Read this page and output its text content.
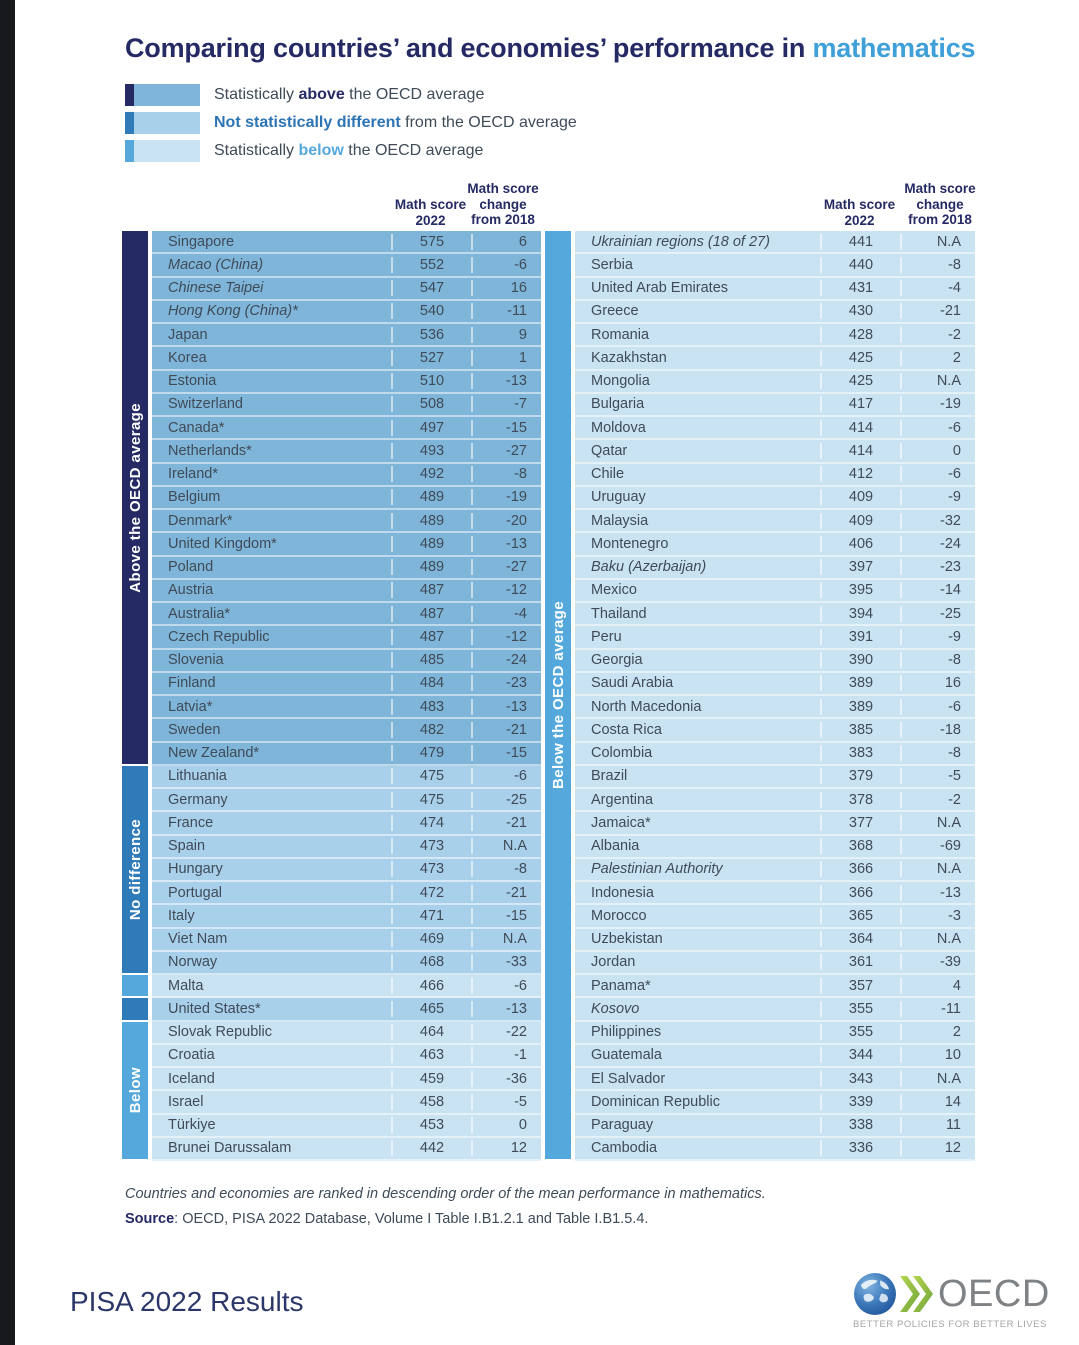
Comparing countries’ and economies’ performance in mathematics
Statistically above the OECD average
Not statistically different from the OECD average
Statistically below the OECD average
Math score
2022
Math score
change
from 2018
Math score
2022
Math score
change
from 2018
Above the OECD average
No difference
Below
Singapore	575	6
Macao (China)	552	-6
Chinese Taipei	547	16
Hong Kong (China)*	540	-11
Japan	536	9
Korea	527	1
Estonia	510	-13
Switzerland	508	-7
Canada*	497	-15
Netherlands*	493	-27
Ireland*	492	-8
Belgium	489	-19
Denmark*	489	-20
United Kingdom*	489	-13
Poland	489	-27
Austria	487	-12
Australia*	487	-4
Czech Republic	487	-12
Slovenia	485	-24
Finland	484	-23
Latvia*	483	-13
Sweden	482	-21
New Zealand*	479	-15
Lithuania	475	-6
Germany	475	-25
France	474	-21
Spain	473	N.A
Hungary	473	-8
Portugal	472	-21
Italy	471	-15
Viet Nam	469	N.A
Norway	468	-33
Malta	466	-6
United States*	465	-13
Slovak Republic	464	-22
Croatia	463	-1
Iceland	459	-36
Israel	458	-5
Türkiye	453	0
Brunei Darussalam	442	12
Below the OECD average
Ukrainian regions (18 of 27)	441	N.A
Serbia	440	-8
United Arab Emirates	431	-4
Greece	430	-21
Romania	428	-2
Kazakhstan	425	2
Mongolia	425	N.A
Bulgaria	417	-19
Moldova	414	-6
Qatar	414	0
Chile	412	-6
Uruguay	409	-9
Malaysia	409	-32
Montenegro	406	-24
Baku (Azerbaijan)	397	-23
Mexico	395	-14
Thailand	394	-25
Peru	391	-9
Georgia	390	-8
Saudi Arabia	389	16
North Macedonia	389	-6
Costa Rica	385	-18
Colombia	383	-8
Brazil	379	-5
Argentina	378	-2
Jamaica*	377	N.A
Albania	368	-69
Palestinian Authority	366	N.A
Indonesia	366	-13
Morocco	365	-3
Uzbekistan	364	N.A
Jordan	361	-39
Panama*	357	4
Kosovo	355	-11
Philippines	355	2
Guatemala	344	10
El Salvador	343	N.A
Dominican Republic	339	14
Paraguay	338	11
Cambodia	336	12
Countries and economies are ranked in descending order of the mean performance in mathematics.
Source: OECD, PISA 2022 Database, Volume I Table I.B1.2.1 and Table I.B1.5.4.
PISA 2022 Results	OECD
BETTER POLICIES FOR BETTER LIVES
